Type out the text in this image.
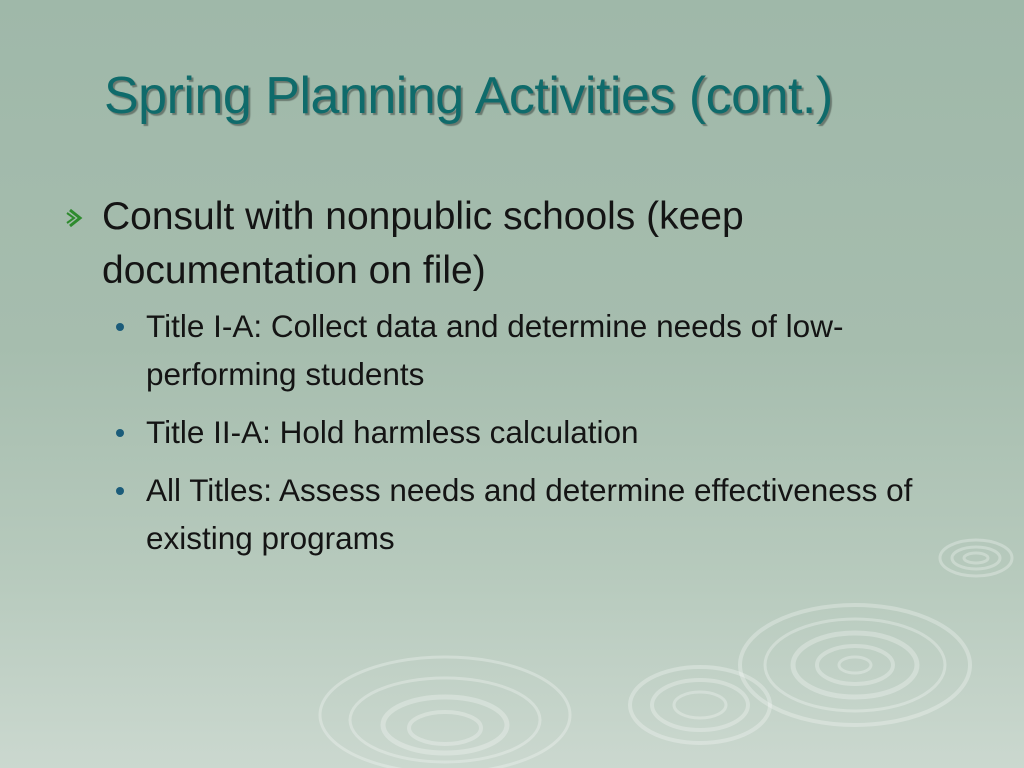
Spring Planning Activities (cont.)

Consult with nonpublic schools (keep documentation on file)

Title I-A: Collect data and determine needs of low-performing students

Title II-A: Hold harmless calculation

All Titles: Assess needs and determine effectiveness of existing programs
